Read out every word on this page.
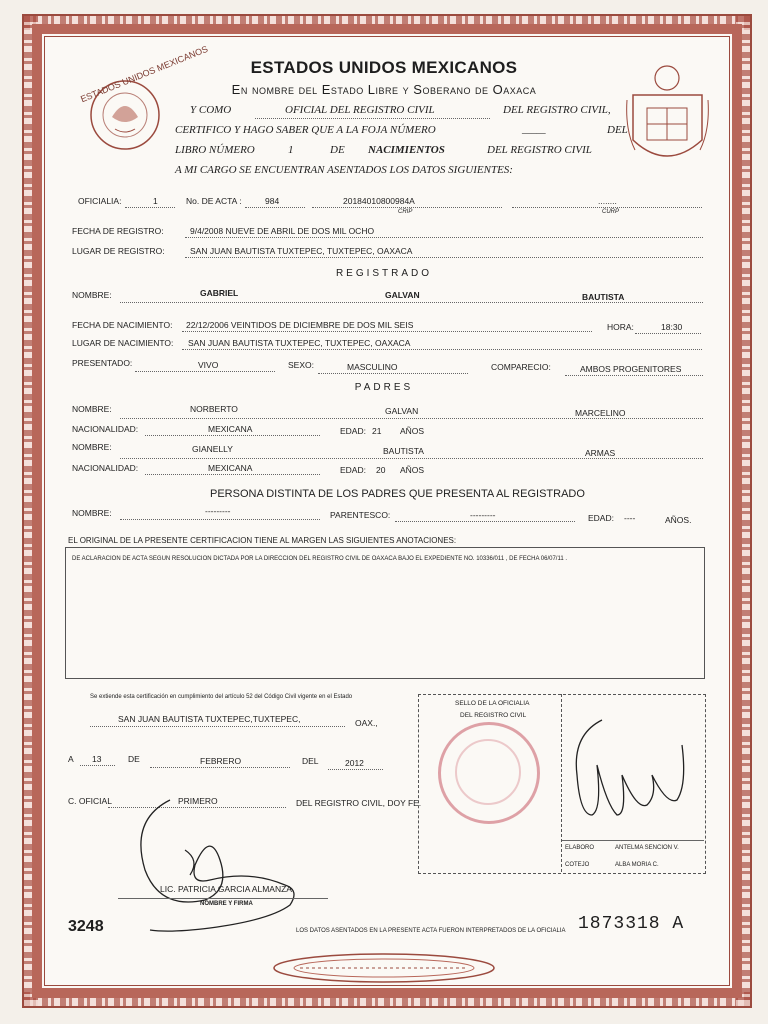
ESTADOS UNIDOS MEXICANOS	ESTADOS UNIDOS MEXICANOS
En nombre del Estado Libre y Soberano de Oaxaca
Y COMO	OFICIAL DEL REGISTRO CIVIL	DEL REGISTRO CIVIL,
CERTIFICO Y HAGO SABER QUE A LA FOJA NÚMERO	_____	DEL
LIBRO NÚMERO	1	DE NACIMIENTOS	DEL REGISTRO CIVIL
A MI CARGO SE ENCUENTRAN ASENTADOS LOS DATOS SIGUIENTES:
OFICIALIA:	1	No. DE ACTA :	984	20184010800984A
CRIP
........
CURP
FECHA DE REGISTRO:	9/4/2008 NUEVE DE ABRIL DE DOS MIL OCHO
LUGAR DE REGISTRO:	SAN JUAN BAUTISTA TUXTEPEC, TUXTEPEC, OAXACA
REGISTRADO
NOMBRE:	GABRIEL	GALVAN	BAUTISTA
FECHA DE NACIMIENTO: 22/12/2006 VEINTIDOS DE DICIEMBRE DE DOS MIL SEIS	HORA:	18:30
LUGAR DE NACIMIENTO: SAN JUAN BAUTISTA TUXTEPEC, TUXTEPEC, OAXACA
PRESENTADO:	VIVO	SEXO:	MASCULINO	COMPARECIO:	AMBOS PROGENITORES
PADRES
NOMBRE:	NORBERTO	GALVAN	MARCELINO
NACIONALIDAD:	MEXICANA	EDAD: 21 AÑOS
NOMBRE:	GIANELLY	BAUTISTA	ARMAS
NACIONALIDAD:	MEXICANA	EDAD: 20 AÑOS
PERSONA DISTINTA DE LOS PADRES QUE PRESENTA AL REGISTRADO
NOMBRE:	---------	PARENTESCO:	---------	EDAD: ----	AÑOS.
EL ORIGINAL DE LA PRESENTE CERTIFICACION TIENE AL MARGEN LAS SIGUIENTES ANOTACIONES:
DE ACLARACION DE ACTA SEGUN RESOLUCION DICTADA POR LA DIRECCION DEL REGISTRO CIVIL DE OAXACA BAJO EL EXPEDIENTE NO. 10336/011 , DE FECHA 06/07/11 .
Se extiende esta certificación en cumplimiento del artículo 52 del Código Civil vigente en el Estado
SAN JUAN BAUTISTA TUXTEPEC,TUXTEPEC,	OAX.,
A 13	DE	FEBRERO	DEL	2012
C. OFICIAL	PRIMERO	DEL REGISTRO CIVIL, DOY FE.
LIC. PATRICIA GARCIA ALMANZA
NOMBRE Y FIRMA
SELLO DE LA OFICIALIA
DEL REGISTRO CIVIL
ELABORO	ANTELMA SENCION V.
COTEJO	ALBA MORIA C.
3248	LOS DATOS ASENTADOS EN LA PRESENTE ACTA FUERON INTERPRETADOS DE LA OFICIALIA 1873318 A
